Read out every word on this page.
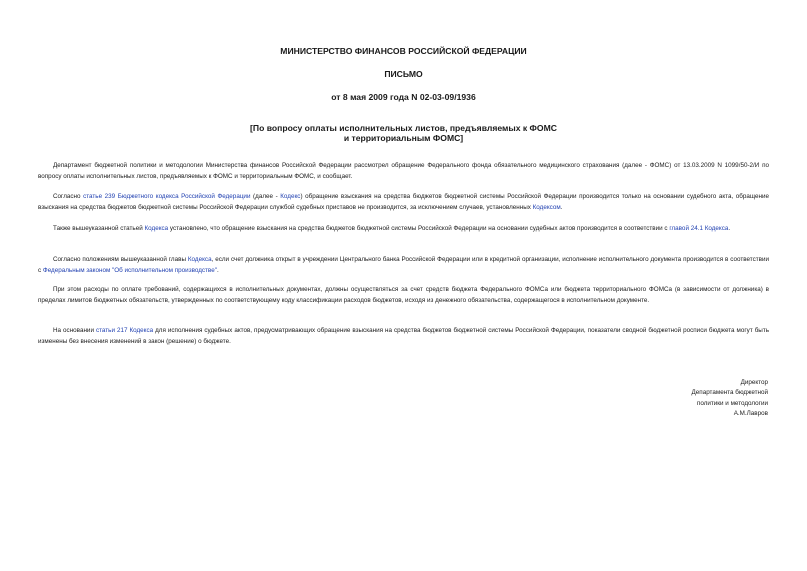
МИНИСТЕРСТВО ФИНАНСОВ РОССИЙСКОЙ ФЕДЕРАЦИИ
ПИСЬМО
от 8 мая 2009 года N 02-03-09/1936
[По вопросу оплаты исполнительных листов, предъявляемых к ФОМС
и территориальным ФОМС]
Департамент бюджетной политики и методологии Министерства финансов Российской Федерации рассмотрел обращение Федерального фонда обязательного медицинского страхования (далее - ФОМС) от 13.03.2009 N 1099/50-2/И по вопросу оплаты исполнительных листов, предъявляемых к ФОМС и территориальным ФОМС, и сообщает.
Согласно статье 239 Бюджетного кодекса Российской Федерации (далее - Кодекс) обращение взыскания на средства бюджетов бюджетной системы Российской Федерации производится только на основании судебного акта, обращение взыскания на средства бюджетов бюджетной системы Российской Федерации службой судебных приставов не производится, за исключением случаев, установленных Кодексом.
Также вышеуказанной статьей Кодекса установлено, что обращение взыскания на средства бюджетов бюджетной системы Российской Федерации на основании судебных актов производится в соответствии с главой 24.1 Кодекса.
Согласно положениям вышеуказанной главы Кодекса, если счет должника открыт в учреждении Центрального банка Российской Федерации или в кредитной организации, исполнение исполнительного документа производится в соответствии с Федеральным законом "Об исполнительном производстве".
При этом расходы по оплате требований, содержащихся в исполнительных документах, должны осуществляться за счет средств бюджета Федерального ФОМСа или бюджета территориального ФОМСа (в зависимости от должника) в пределах лимитов бюджетных обязательств, утвержденных по соответствующему коду классификации расходов бюджетов, исходя из денежного обязательства, содержащегося в исполнительном документе.
На основании статьи 217 Кодекса для исполнения судебных актов, предусматривающих обращение взыскания на средства бюджетов бюджетной системы Российской Федерации, показатели сводной бюджетной росписи бюджета могут быть изменены без внесения изменений в закон (решение) о бюджете.
Директор
Департамента бюджетной
политики и методологии
А.М.Лавров
